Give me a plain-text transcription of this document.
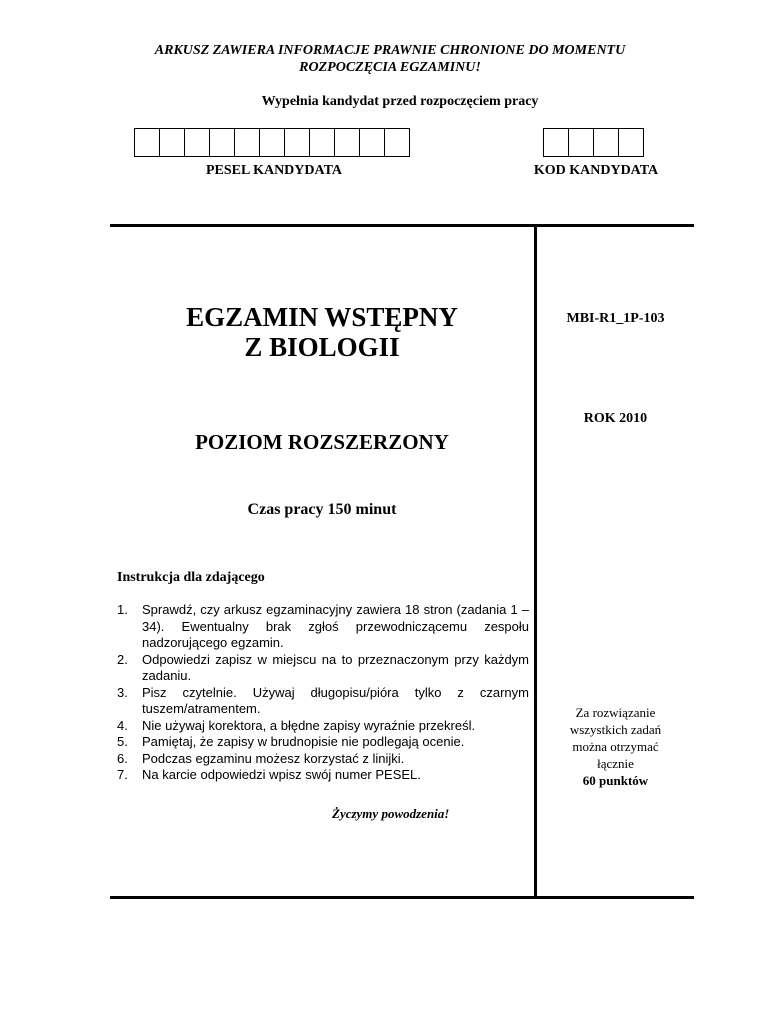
ARKUSZ ZAWIERA INFORMACJE PRAWNIE CHRONIONE DO MOMENTU
ROZPOCZĘCIA EGZAMINU!
Wypełnia kandydat przed rozpoczęciem pracy
PESEL KANDYDATA	KOD KANDYDATA
EGZAMIN WSTĘPNY
Z BIOLOGII
POZIOM ROZSZERZONY
Czas pracy 150 minut
MBI-R1_1P-103
ROK 2010
Instrukcja dla zdającego
1.	Sprawdź, czy arkusz egzaminacyjny zawiera 18 stron (zadania 1 – 34). Ewentualny brak zgłoś przewodniczącemu zespołu nadzorującego egzamin.
2.	Odpowiedzi zapisz w miejscu na to przeznaczonym przy każdym zadaniu.
3.	Pisz czytelnie. Używaj długopisu/pióra tylko z czarnym tuszem/atramentem.
4.	Nie używaj korektora, a błędne zapisy wyraźnie przekreśl.
5.	Pamiętaj, że zapisy w brudnopisie nie podlegają ocenie.
6.	Podczas egzaminu możesz korzystać z linijki.
7.	Na karcie odpowiedzi wpisz swój numer PESEL.
Życzymy powodzenia!
Za rozwiązanie
wszystkich zadań
można otrzymać
łącznie
60 punktów
